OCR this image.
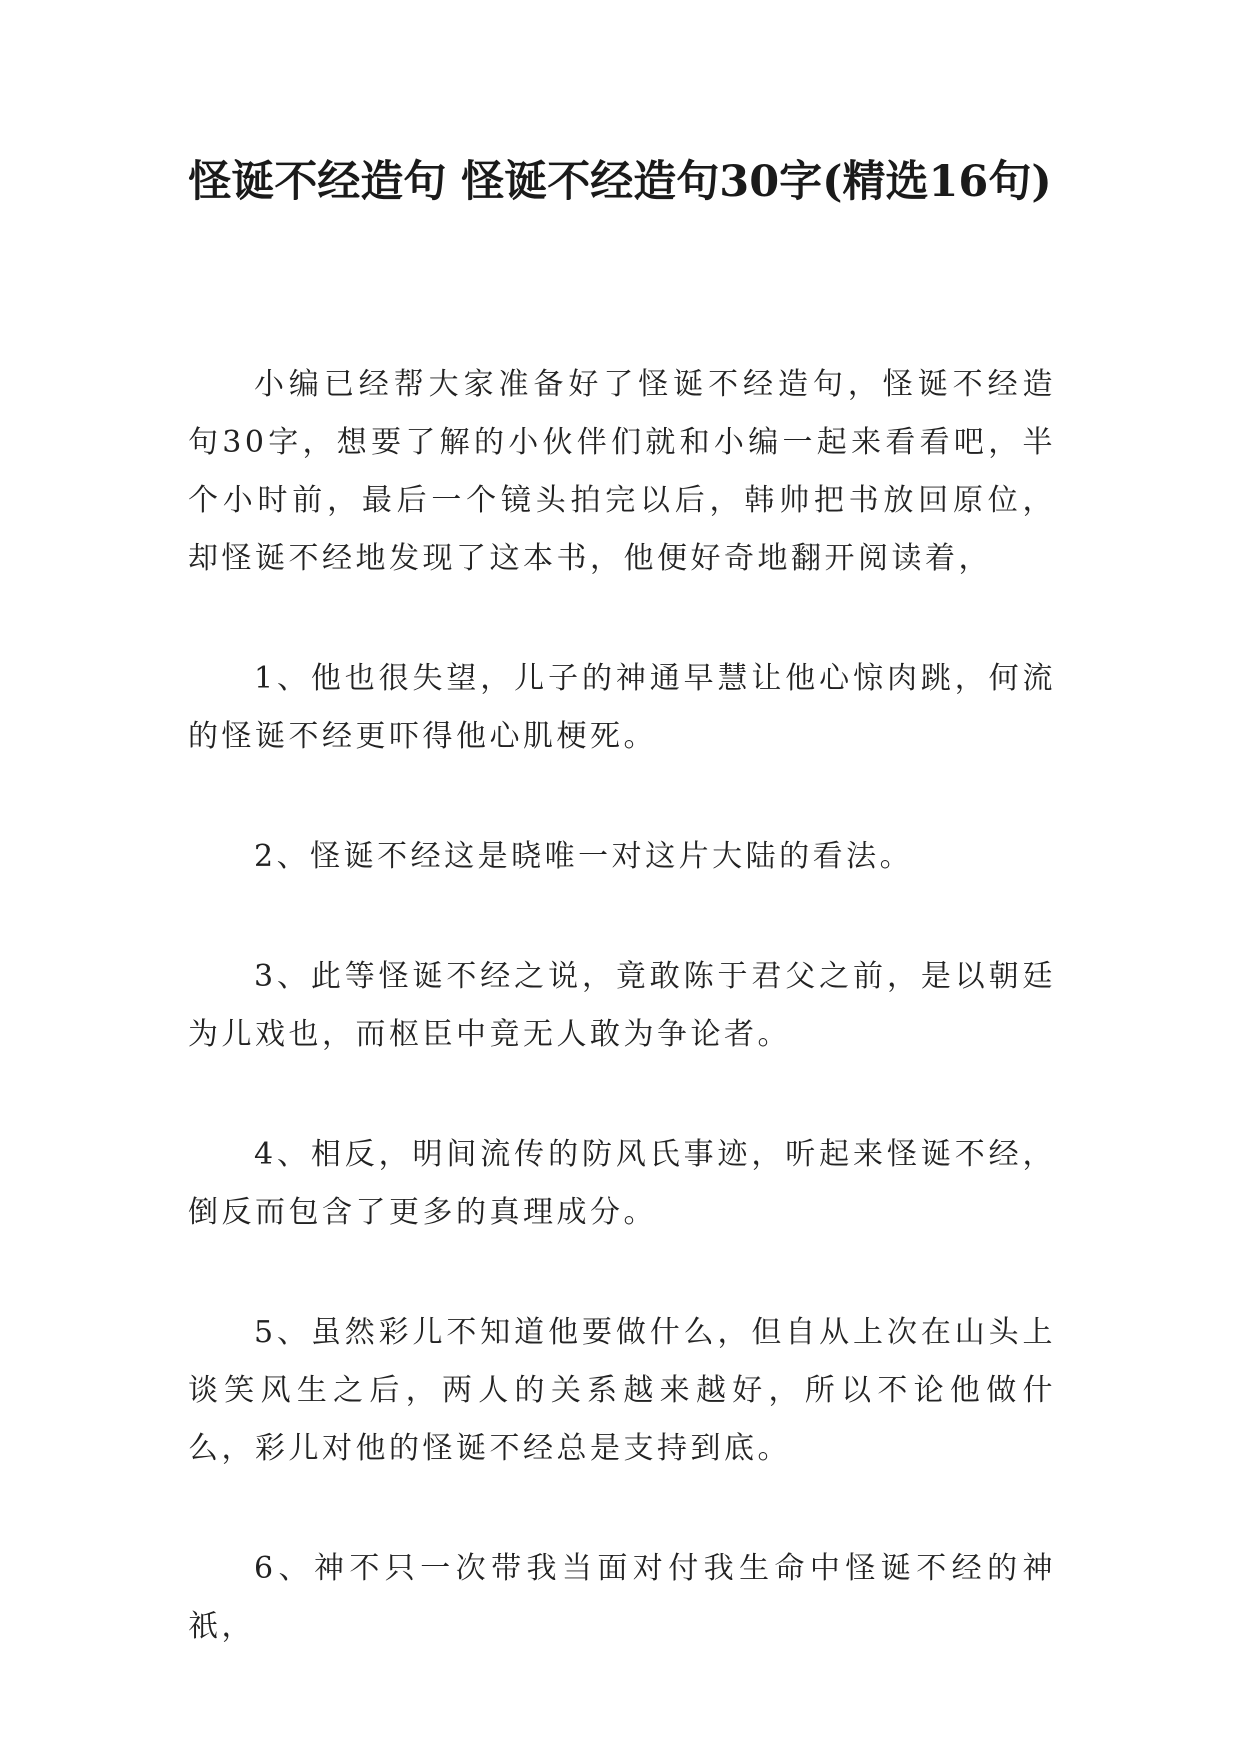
怪诞不经造句 怪诞不经造句30字(精选16句)

小编已经帮大家准备好了怪诞不经造句，怪诞不经造句30字，想要了解的小伙伴们就和小编一起来看看吧，半个小时前，最后一个镜头拍完以后，韩帅把书放回原位，却怪诞不经地发现了这本书，他便好奇地翻开阅读着，

1、他也很失望，儿子的神通早慧让他心惊肉跳，何流的怪诞不经更吓得他心肌梗死。

2、怪诞不经这是晓唯一对这片大陆的看法。

3、此等怪诞不经之说，竟敢陈于君父之前，是以朝廷为儿戏也，而枢臣中竟无人敢为争论者。

4、相反，明间流传的防风氏事迹，听起来怪诞不经，倒反而包含了更多的真理成分。

5、虽然彩儿不知道他要做什么，但自从上次在山头上谈笑风生之后，两人的关系越来越好，所以不论他做什么，彩儿对他的怪诞不经总是支持到底。

6、神不只一次带我当面对付我生命中怪诞不经的神祇，
